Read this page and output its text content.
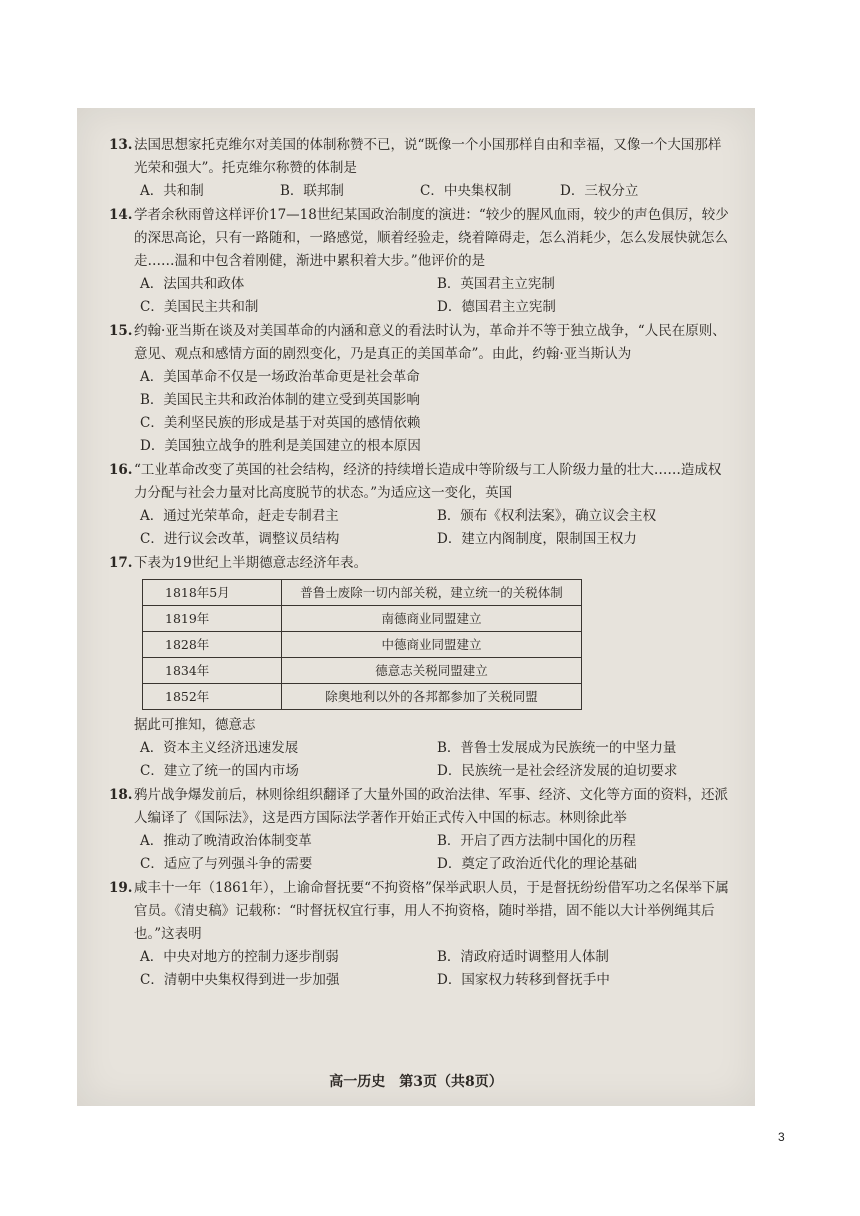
13. 法国思想家托克维尔对美国的体制称赞不已，说“既像一个小国那样自由和幸福，又像一个大国那样光荣和强大”。托克维尔称赞的体制是
A．共和制	B．联邦制	C．中央集权制	D．三权分立
14. 学者余秋雨曾这样评价17—18世纪某国政治制度的演进：“较少的腥风血雨，较少的声色俱厉，较少的深思高论，只有一路随和，一路感觉，顺着经验走，绕着障碍走，怎么消耗少，怎么发展快就怎么走……温和中包含着刚健，渐进中累积着大步。”他评价的是
A．法国共和政体	B．英国君主立宪制
C．美国民主共和制	D．德国君主立宪制
15. 约翰·亚当斯在谈及对美国革命的内涵和意义的看法时认为，革命并不等于独立战争，“人民在原则、意见、观点和感情方面的剧烈变化，乃是真正的美国革命”。由此，约翰·亚当斯认为
A．美国革命不仅是一场政治革命更是社会革命
B．美国民主共和政治体制的建立受到英国影响
C．美利坚民族的形成是基于对英国的感情依赖
D．美国独立战争的胜利是美国建立的根本原因
16. “工业革命改变了英国的社会结构，经济的持续增长造成中等阶级与工人阶级力量的壮大……造成权力分配与社会力量对比高度脱节的状态。”为适应这一变化，英国
A．通过光荣革命，赶走专制君主	B．颁布《权利法案》，确立议会主权
C．进行议会改革，调整议员结构	D．建立内阁制度，限制国王权力
17. 下表为19世纪上半期德意志经济年表。
1818年5月	普鲁士废除一切内部关税，建立统一的关税体制
1819年	南德商业同盟建立
1828年	中德商业同盟建立
1834年	德意志关税同盟建立
1852年	除奥地利以外的各邦都参加了关税同盟
据此可推知，德意志
A．资本主义经济迅速发展	B．普鲁士发展成为民族统一的中坚力量
C．建立了统一的国内市场	D．民族统一是社会经济发展的迫切要求
18. 鸦片战争爆发前后，林则徐组织翻译了大量外国的政治法律、军事、经济、文化等方面的资料，还派人编译了《国际法》，这是西方国际法学著作开始正式传入中国的标志。林则徐此举
A．推动了晚清政治体制变革	B．开启了西方法制中国化的历程
C．适应了与列强斗争的需要	D．奠定了政治近代化的理论基础
19. 咸丰十一年（1861年），上谕命督抚要“不拘资格”保举武职人员，于是督抚纷纷借军功之名保举下属官员。《清史稿》记载称：“时督抚权宜行事，用人不拘资格，随时举措，固不能以大计举例绳其后也。”这表明
A．中央对地方的控制力逐步削弱	B．清政府适时调整用人体制
C．清朝中央集权得到进一步加强	D．国家权力转移到督抚手中
高一历史　第3页（共8页）
3
